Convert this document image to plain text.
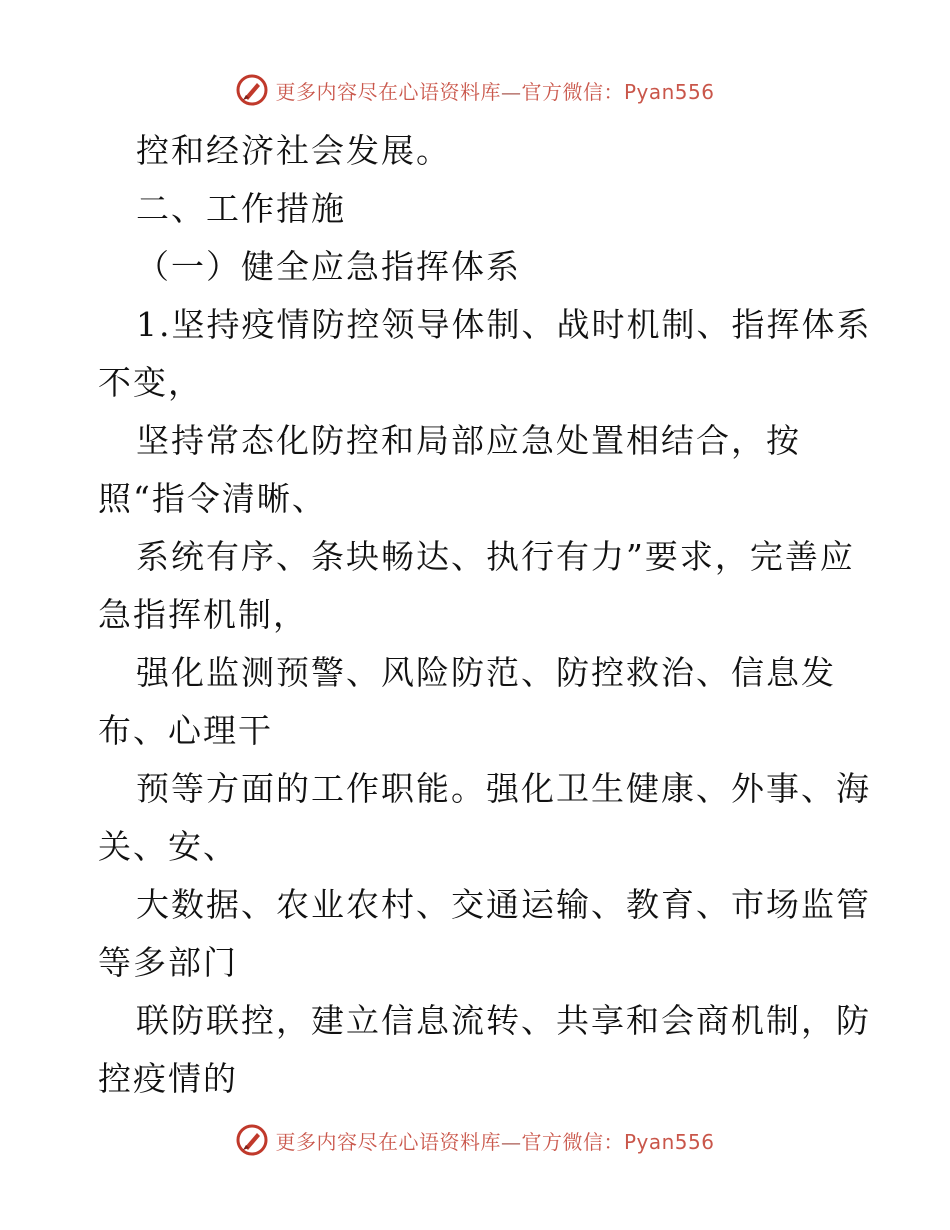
更多内容尽在心语资料库—官方微信：Pyan556
控和经济社会发展。
二、工作措施
（一）健全应急指挥体系
1.坚持疫情防控领导体制、战时机制、指挥体系
不变，
坚持常态化防控和局部应急处置相结合，按
照“指令清晰、
系统有序、条块畅达、执行有力”要求，完善应
急指挥机制，
强化监测预警、风险防范、防控救治、信息发
布、心理干
预等方面的工作职能。强化卫生健康、外事、海
关、安、
大数据、农业农村、交通运输、教育、市场监管
等多部门
联防联控，建立信息流转、共享和会商机制，防
控疫情的
更多内容尽在心语资料库—官方微信：Pyan556
